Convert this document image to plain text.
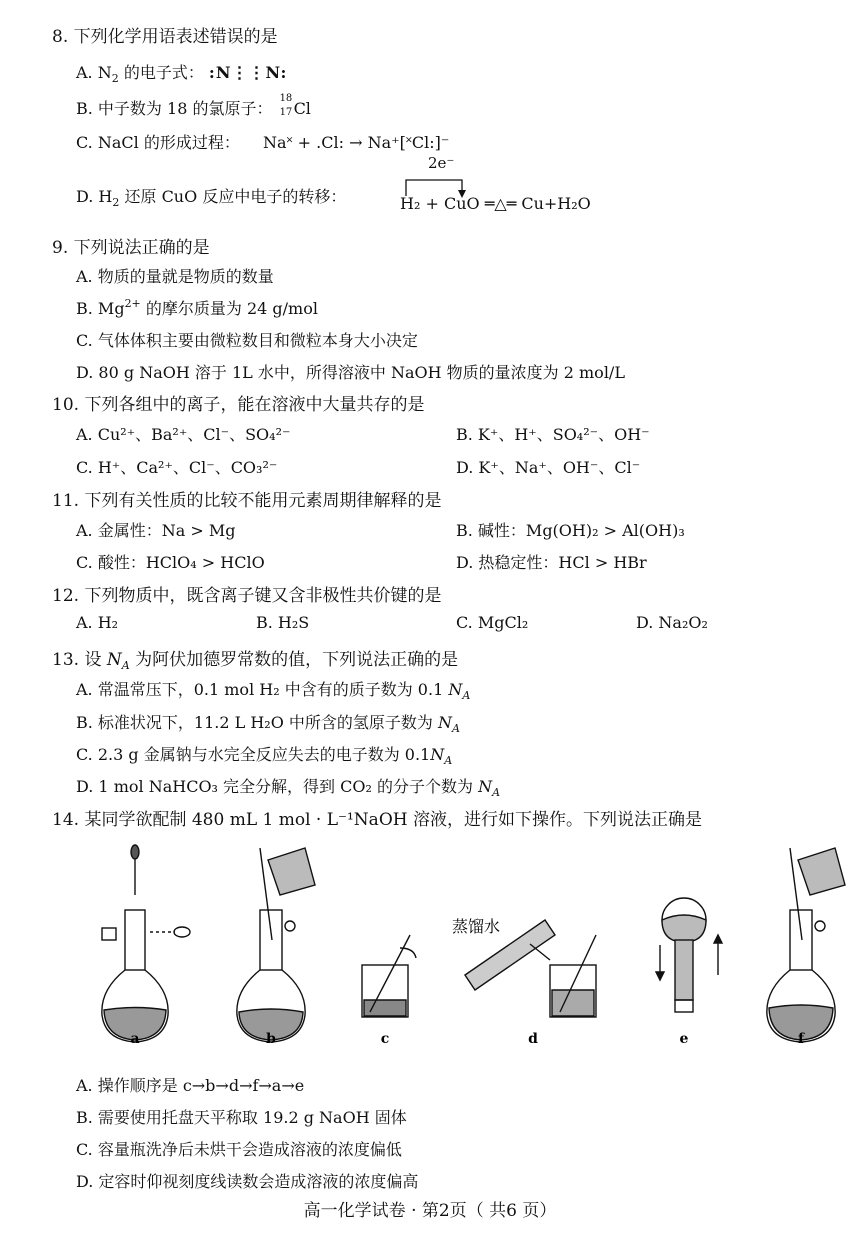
8. 下列化学用语表述错误的是
A. $N_2$ 的电子式： :N⋮⋮N:
B. 中子数为 18 的氯原子：
18
17 Cl
C. NaCl 的形成过程： Na˟ + .Cl: → Na⁺[˟Cl:]⁻
D. $H_2$ 还原 CuO 反应中电子的转移：
2e⁻
H₂ + CuO ═△═ Cu+H₂O
9. 下列说法正确的是
A. 物质的量就是物质的数量
B. $Mg^{2+}$ 的摩尔质量为 24 g/mol
C. 气体体积主要由微粒数目和微粒本身大小决定
D. 80 g NaOH 溶于 1L 水中，所得溶液中 NaOH 物质的量浓度为 2 mol/L
10. 下列各组中的离子，能在溶液中大量共存的是
A. Cu²⁺、Ba²⁺、Cl⁻、SO₄²⁻	B. K⁺、H⁺、SO₄²⁻、OH⁻
C. H⁺、Ca²⁺、Cl⁻、CO₃²⁻	D. K⁺、Na⁺、OH⁻、Cl⁻
11. 下列有关性质的比较不能用元素周期律解释的是
A. 金属性：Na > Mg	B. 碱性：Mg(OH)₂ > Al(OH)₃
C. 酸性：HClO₄ > HClO	D. 热稳定性：HCl > HBr
12. 下列物质中，既含离子键又含非极性共价键的是
A. H₂	B. H₂S	C. MgCl₂	D. Na₂O₂
13. 设 $N_A$ 为阿伏加德罗常数的值，下列说法正确的是
A. 常温常压下，0.1 mol H₂ 中含有的质子数为 0.1 $N_A$
B. 标准状况下，11.2 L H₂O 中所含的氢原子数为 $N_A$
C. 2.3 g 金属钠与水完全反应失去的电子数为 $0.1N_A$
D. 1 mol NaHCO₃ 完全分解，得到 CO₂ 的分子个数为 $N_A$
14. 某同学欲配制 480 mL 1 mol · L⁻¹NaOH 溶液，进行如下操作。下列说法正确是
蒸馏水
a	b	c	d	e	f
A. 操作顺序是 c→b→d→f→a→e
B. 需要使用托盘天平称取 19.2 g NaOH 固体
C. 容量瓶洗净后未烘干会造成溶液的浓度偏低
D. 定容时仰视刻度线读数会造成溶液的浓度偏高
高一化学试卷 · 第2页（ 共6 页）
